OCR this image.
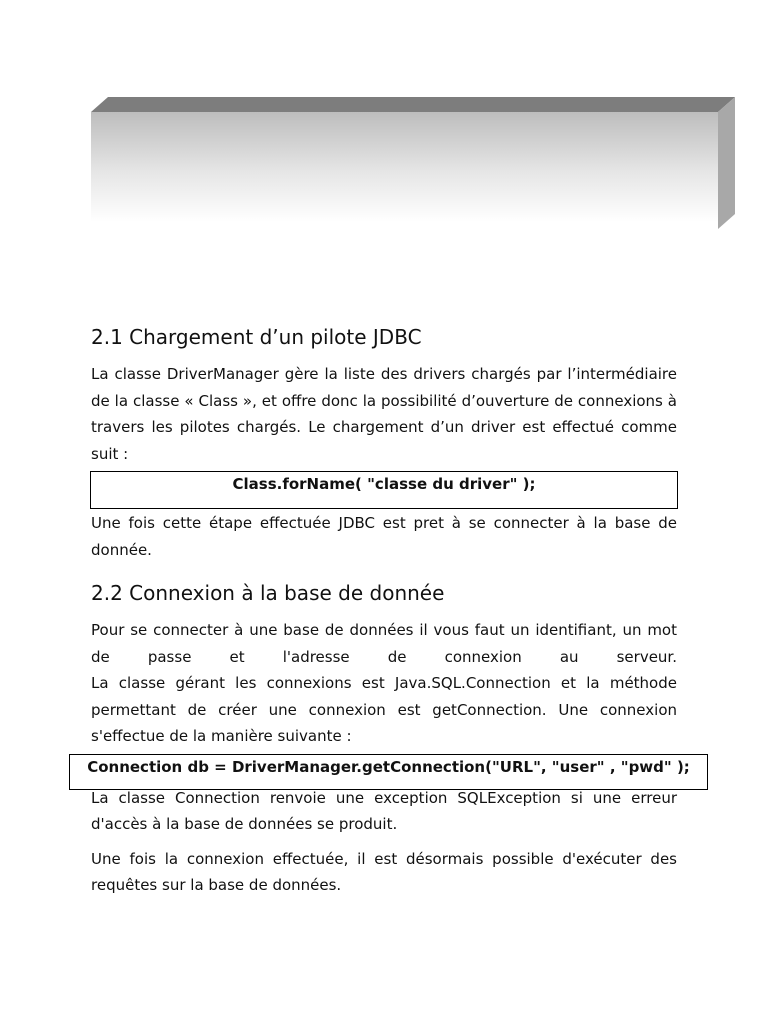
2.1 Chargement d’un pilote JDBC

La classe DriverManager gère la liste des drivers chargés par l’intermédiaire de la classe « Class », et offre donc la possibilité d’ouverture de connexions à travers les pilotes chargés. Le chargement d’un driver est effectué comme suit :

Class.forName( "classe du driver" );

Une fois cette étape effectuée JDBC est pret à se connecter à la base de donnée.

2.2 Connexion à la base de donnée

Pour se connecter à une base de données il vous faut un identifiant, un mot de passe et l'adresse de connexion au serveur.

La classe gérant les connexions est Java.SQL.Connection et la méthode permettant de créer une connexion est getConnection. Une connexion s'effectue de la manière suivante :

Connection db = DriverManager.getConnection("URL", "user" , "pwd" );

La classe Connection renvoie une exception SQLException si une erreur d'accès à la base de données se produit.

Une fois la connexion effectuée, il est désormais possible d'exécuter des requêtes sur la base de données.
